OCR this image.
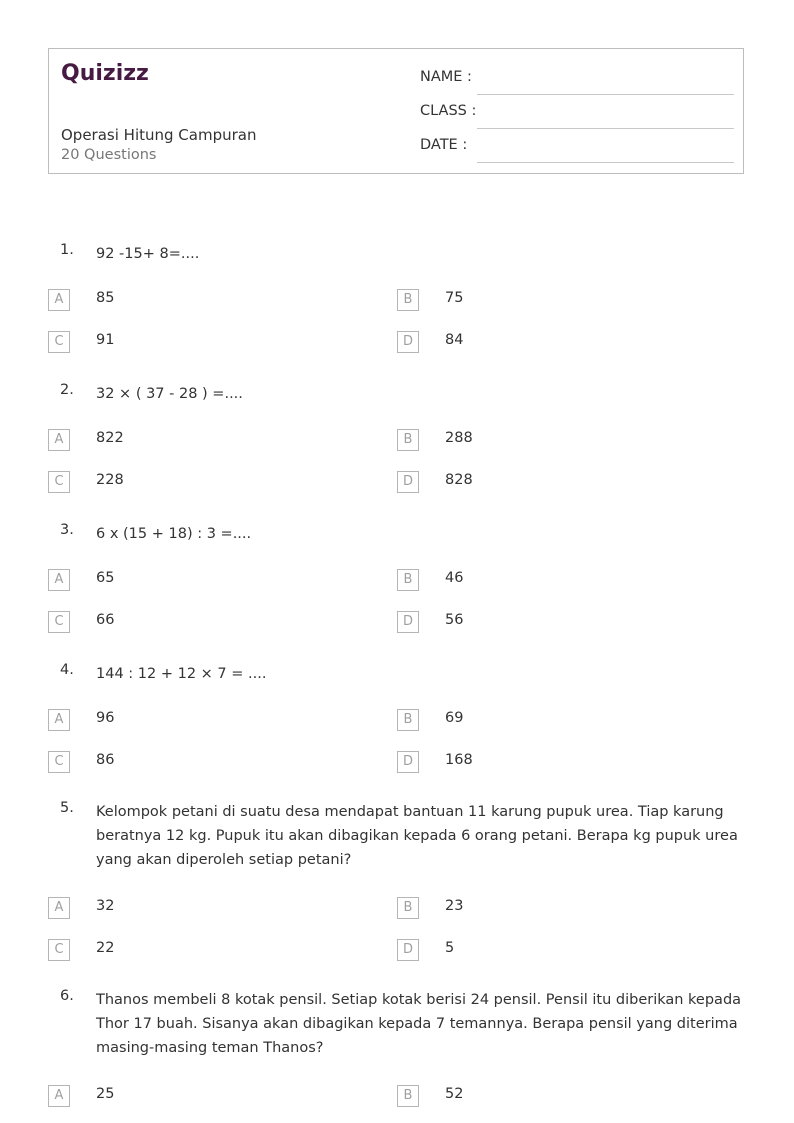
Quizizz
Operasi Hitung Campuran
20 Questions
NAME :
CLASS :
DATE :
1. 92 -15+ 8=....
A	85	B	75
C	91	D	84
2. 32 × ( 37 - 28 ) =....
A	822	B	288
C	228	D	828
3. 6 x (15 + 18) : 3 =....
A	65	B	46
C	66	D	56
4. 144 : 12 + 12 × 7 = ....
A	96	B	69
C	86	D	168
5. Kelompok petani di suatu desa mendapat bantuan 11 karung pupuk urea. Tiap karung beratnya 12 kg. Pupuk itu akan dibagikan kepada 6 orang petani. Berapa kg pupuk urea yang akan diperoleh setiap petani?
A	32	B	23
C	22	D	5
6. Thanos membeli 8 kotak pensil. Setiap kotak berisi 24 pensil. Pensil itu diberikan kepada Thor 17 buah. Sisanya akan dibagikan kepada 7 temannya. Berapa pensil yang diterima masing-masing teman Thanos?
A	25	B	52
